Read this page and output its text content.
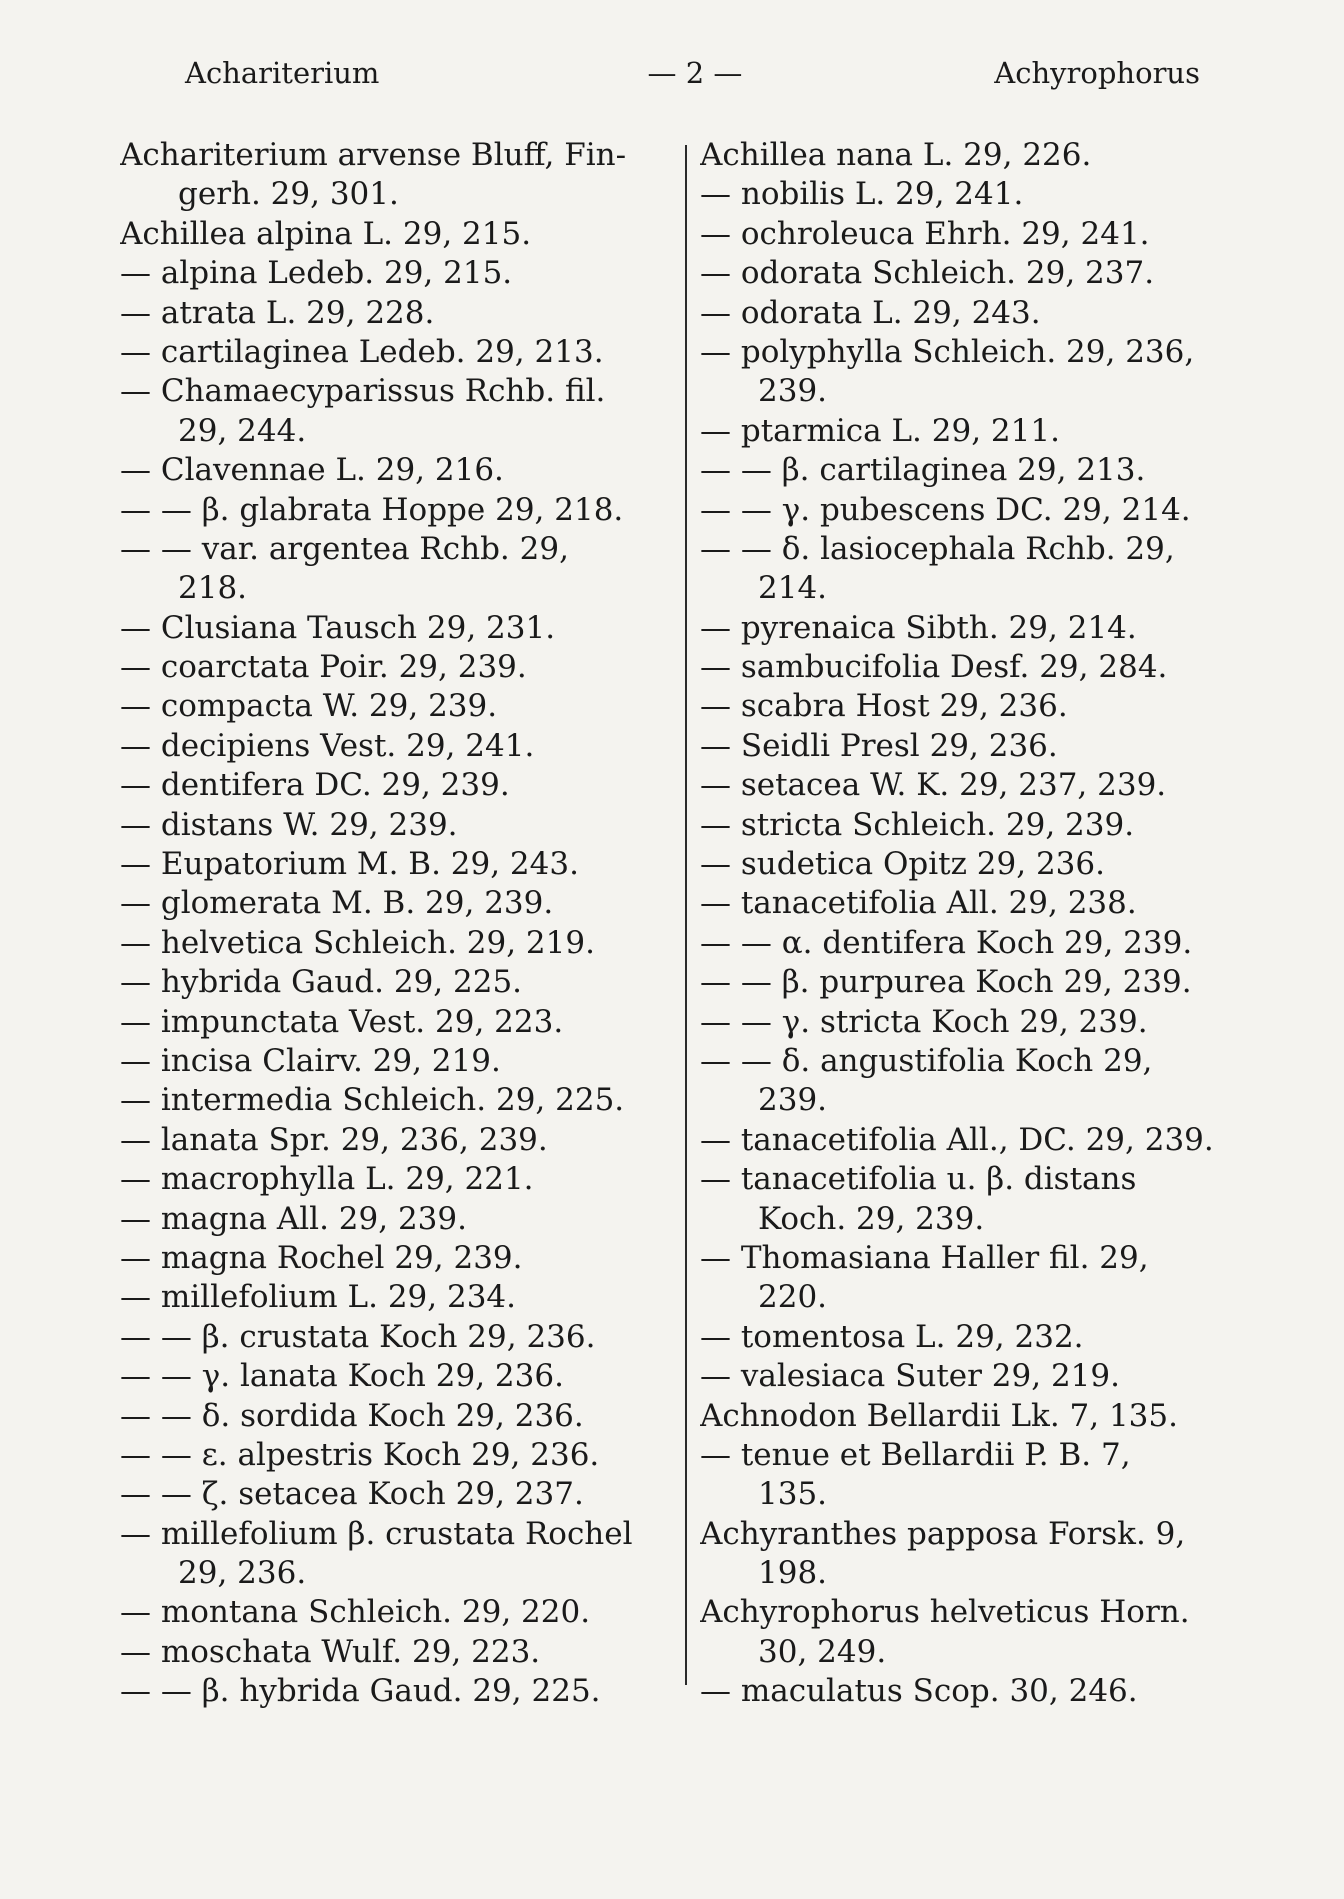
Achariterium	— 2 —	Achyrophorus
Achariterium arvense Bluff, Fin-
gerh. 29, 301.
Achillea alpina L. 29, 215.
— alpina Ledeb. 29, 215.
— atrata L. 29, 228.
— cartilaginea Ledeb. 29, 213.
— Chamaecyparissus Rchb. fil.
29, 244.
— Clavennae L. 29, 216.
— — β. glabrata Hoppe 29, 218.
— — var. argentea Rchb. 29,
218.
— Clusiana Tausch 29, 231.
— coarctata Poir. 29, 239.
— compacta W. 29, 239.
— decipiens Vest. 29, 241.
— dentifera DC. 29, 239.
— distans W. 29, 239.
— Eupatorium M. B. 29, 243.
— glomerata M. B. 29, 239.
— helvetica Schleich. 29, 219.
— hybrida Gaud. 29, 225.
— impunctata Vest. 29, 223.
— incisa Clairv. 29, 219.
— intermedia Schleich. 29, 225.
— lanata Spr. 29, 236, 239.
— macrophylla L. 29, 221.
— magna All. 29, 239.
— magna Rochel 29, 239.
— millefolium L. 29, 234.
— — β. crustata Koch 29, 236.
— — γ. lanata Koch 29, 236.
— — δ. sordida Koch 29, 236.
— — ε. alpestris Koch 29, 236.
— — ζ. setacea Koch 29, 237.
— millefolium β. crustata Rochel
29, 236.
— montana Schleich. 29, 220.
— moschata Wulf. 29, 223.
— — β. hybrida Gaud. 29, 225.
Achillea nana L. 29, 226.
— nobilis L. 29, 241.
— ochroleuca Ehrh. 29, 241.
— odorata Schleich. 29, 237.
— odorata L. 29, 243.
— polyphylla Schleich. 29, 236,
239.
— ptarmica L. 29, 211.
— — β. cartilaginea 29, 213.
— — γ. pubescens DC. 29, 214.
— — δ. lasiocephala Rchb. 29,
214.
— pyrenaica Sibth. 29, 214.
— sambucifolia Desf. 29, 284.
— scabra Host 29, 236.
— Seidli Presl 29, 236.
— setacea W. K. 29, 237, 239.
— stricta Schleich. 29, 239.
— sudetica Opitz 29, 236.
— tanacetifolia All. 29, 238.
— — α. dentifera Koch 29, 239.
— — β. purpurea Koch 29, 239.
— — γ. stricta Koch 29, 239.
— — δ. angustifolia Koch 29,
239.
— tanacetifolia All., DC. 29, 239.
— tanacetifolia u. β. distans
Koch. 29, 239.
— Thomasiana Haller fil. 29,
220.
— tomentosa L. 29, 232.
— valesiaca Suter 29, 219.
Achnodon Bellardii Lk. 7, 135.
— tenue et Bellardii P. B. 7,
135.
Achyranthes papposa Forsk. 9,
198.
Achyrophorus helveticus Horn.
30, 249.
— maculatus Scop. 30, 246.
